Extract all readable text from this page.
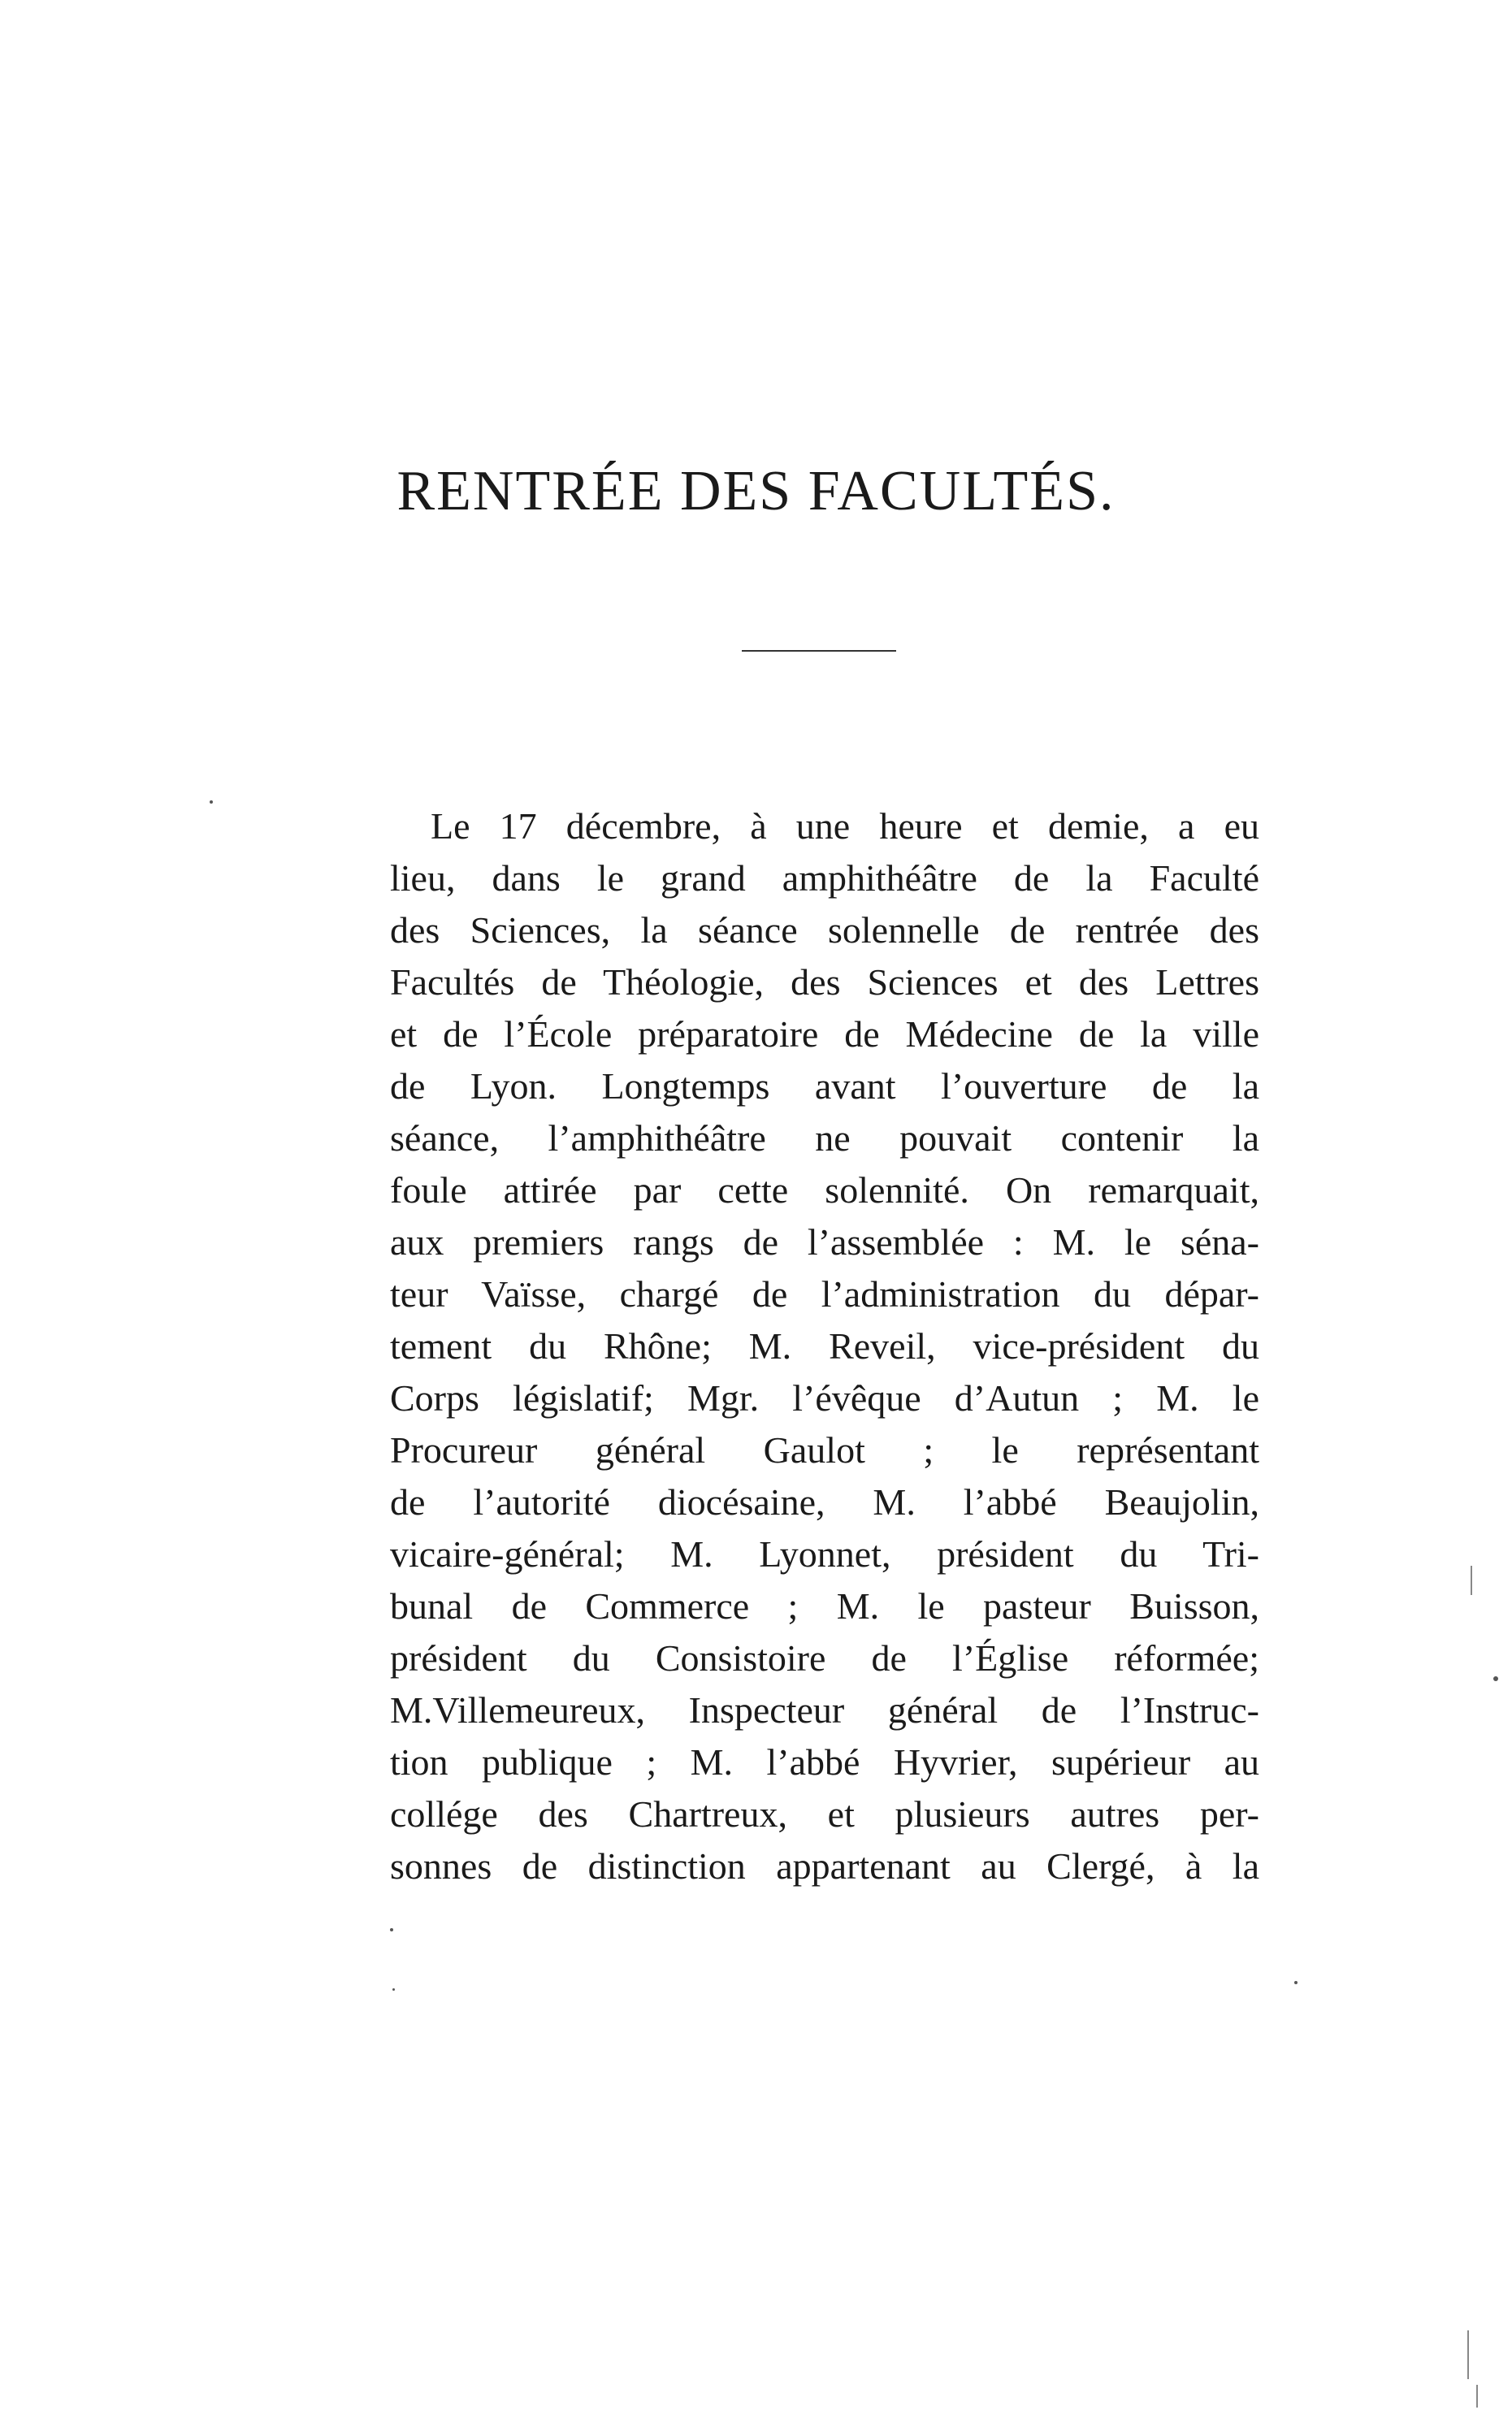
RENTRÉE DES FACULTÉS.
Le 17 décembre, à une heure et demie, a eu
lieu, dans le grand amphithéâtre de la Faculté
des Sciences, la séance solennelle de rentrée des
Facultés de Théologie, des Sciences et des Lettres
et de l’École préparatoire de Médecine de la ville
de Lyon. Longtemps avant l’ouverture de la
séance, l’amphithéâtre ne pouvait contenir la
foule attirée par cette solennité. On remarquait,
aux premiers rangs de l’assemblée : M. le séna-
teur Vaïsse, chargé de l’administration du dépar-
tement du Rhône; M. Reveil, vice-président du
Corps législatif; Mgr. l’évêque d’Autun ; M. le
Procureur général Gaulot ; le représentant
de l’autorité diocésaine, M. l’abbé Beaujolin,
vicaire-général; M. Lyonnet, président du Tri-
bunal de Commerce ; M. le pasteur Buisson,
président du Consistoire de l’Église réformée;
M.Villemeureux, Inspecteur général de l’Instruc-
tion publique ; M. l’abbé Hyvrier, supérieur au
collége des Chartreux, et plusieurs autres per-
sonnes de distinction appartenant au Clergé, à la
